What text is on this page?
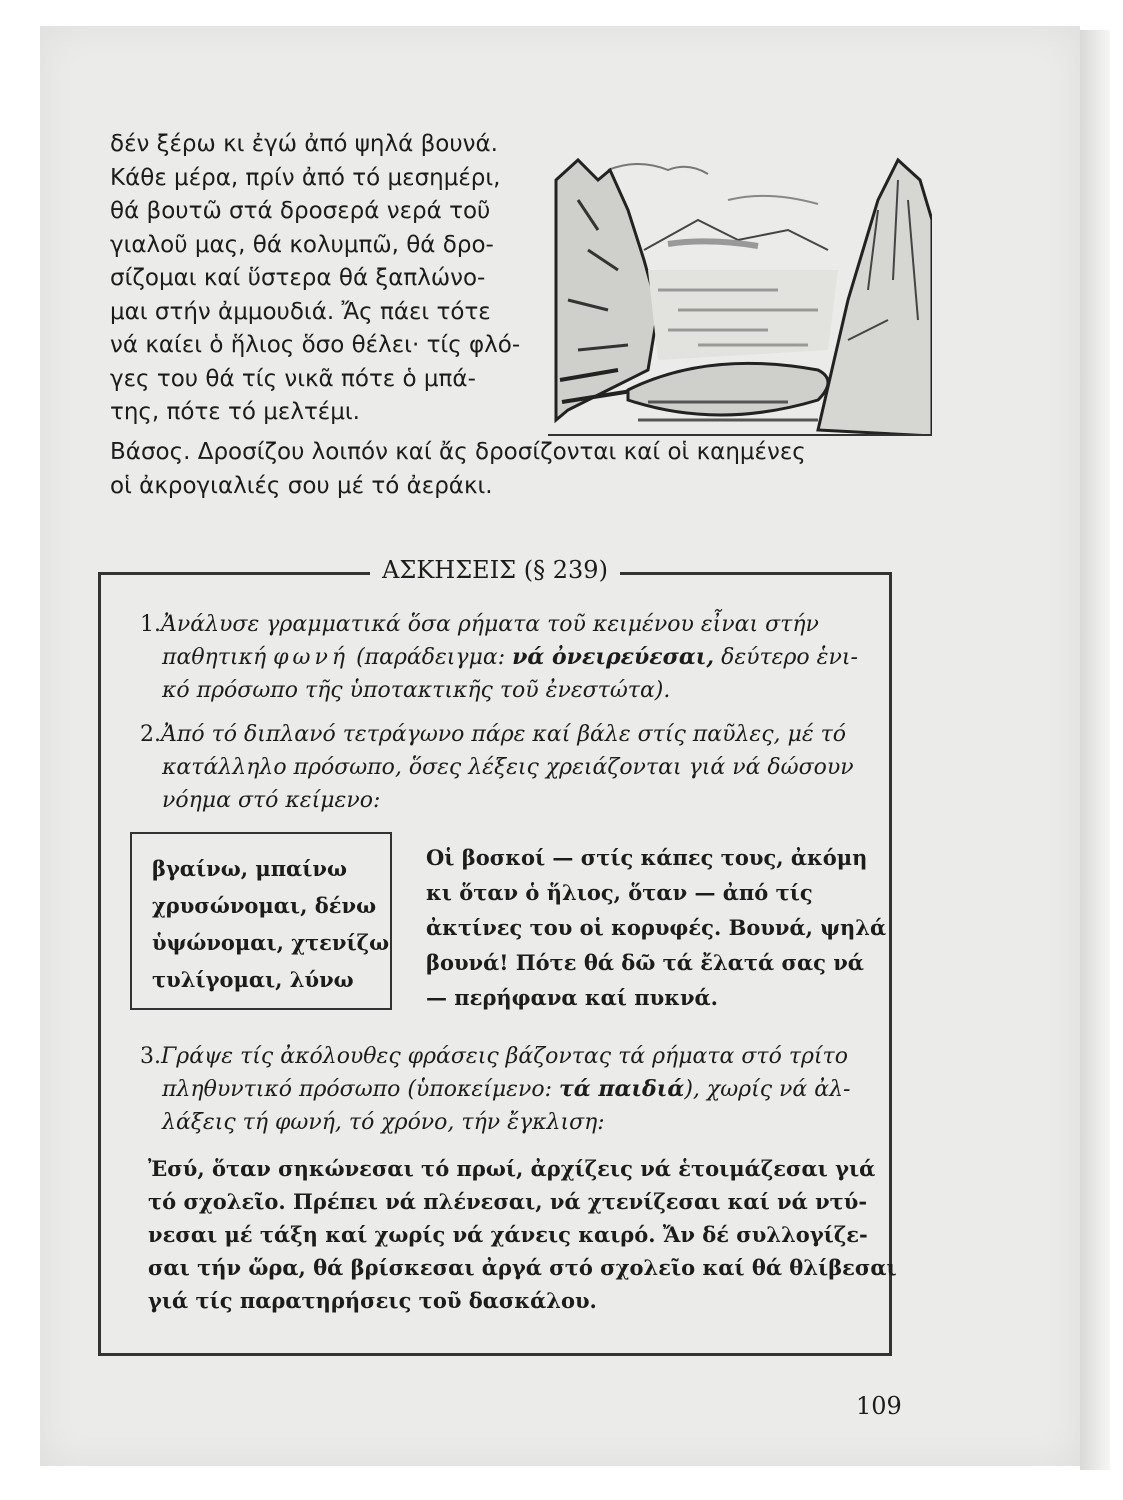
δέν ξέρω κι ἐγώ ἀπό ψηλά βουνά.
Κάθε μέρα, πρίν ἀπό τό μεσημέρι,
θά βουτῶ στά δροσερά νερά τοῦ
γιαλοῦ μας, θά κολυμπῶ, θά δρο-
σίζομαι καί ὕστερα θά ξαπλώνο-
μαι στήν ἀμμουδιά. Ἄς πάει τότε
νά καίει ὁ ἥλιος ὅσο θέλει· τίς φλό-
γες του θά τίς νικᾶ πότε ὁ μπά-
της, πότε τό μελτέμι.
Βάσος. Δροσίζου λοιπόν καί ἄς δροσίζονται καί οἱ καημένες
οἱ ἀκρογιαλιές σου μέ τό ἀεράκι.
ΑΣΚΗΣΕΙΣ (§ 239)
1.Ἀνάλυσε γραμματικά ὅσα ρήματα τοῦ κειμένου εἶναι στήν
παθητική φωνή (παράδειγμα: νά ὀνειρεύεσαι, δεύτερο ἑνι-
κό πρόσωπο τῆς ὑποτακτικῆς τοῦ ἐνεστώτα).
2.Ἀπό τό διπλανό τετράγωνο πάρε καί βάλε στίς παῦλες, μέ τό
κατάλληλο πρόσωπο, ὅσες λέξεις χρειάζονται γιά νά δώσουν
νόημα στό κείμενο:
βγαίνω, μπαίνω
χρυσώνομαι, δένω
ὑψώνομαι, χτενίζω
τυλίγομαι, λύνω
Οἱ βοσκοί — στίς κάπες τους, ἀκόμη
κι ὅταν ὁ ἥλιος, ὅταν — ἀπό τίς
ἀκτίνες του οἱ κορυφές. Βουνά, ψηλά
βουνά! Πότε θά δῶ τά ἔλατά σας νά
— περήφανα καί πυκνά.
3.Γράψε τίς ἀκόλουθες φράσεις βάζοντας τά ρήματα στό τρίτο
πληθυντικό πρόσωπο (ὑποκείμενο: τά παιδιά), χωρίς νά ἀλ-
λάξεις τή φωνή, τό χρόνο, τήν ἔγκλιση:
Ἐσύ, ὅταν σηκώνεσαι τό πρωί, ἀρχίζεις νά ἑτοιμάζεσαι γιά
τό σχολεῖο. Πρέπει νά πλένεσαι, νά χτενίζεσαι καί νά ντύ-
νεσαι μέ τάξη καί χωρίς νά χάνεις καιρό. Ἄν δέ συλλογίζε-
σαι τήν ὥρα, θά βρίσκεσαι ἀργά στό σχολεῖο καί θά θλίβεσαι
γιά τίς παρατηρήσεις τοῦ δασκάλου.
109
